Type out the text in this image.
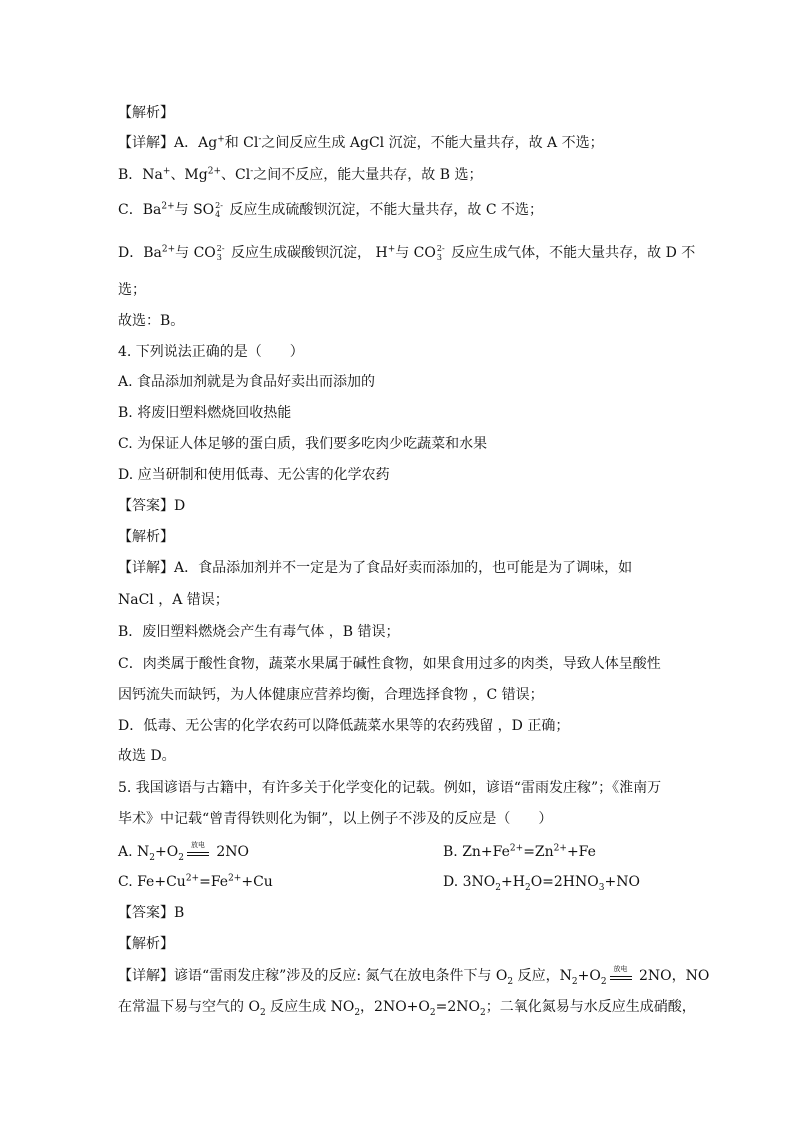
【解析】
【详解】A．Ag+和 Cl-之间反应生成 AgCl 沉淀，不能大量共存，故 A 不选；
B．Na+、$Mg^{2+}$、Cl-之间不反应，能大量共存，故 B 选；
C．$Ba^{2+}$与 SO 2-
4 反应生成硫酸钡沉淀，不能大量共存，故 C 不选；
D．$Ba^{2+}$与 CO 2-
3 反应生成碳酸钡沉淀， H+与 CO 2-
3 反应生成气体，不能大量共存，故 D 不
选；
故选：B。
4. 下列说法正确的是（　　）
A. 食品添加剂就是为食品好卖出而添加的
B. 将废旧塑料燃烧回收热能
C. 为保证人体足够的蛋白质，我们要多吃肉少吃蔬菜和水果
D. 应当研制和使用低毒、无公害的化学农药
【答案】D
【解析】
【详解】A．食品添加剂并不一定是为了食品好卖而添加的，也可能是为了调味，如
NaCl ，A 错误；
B．废旧塑料燃烧会产生有毒气体 ，B 错误；
C．肉类属于酸性食物，蔬菜水果属于碱性食物，如果食用过多的肉类，导致人体呈酸性
因钙流失而缺钙，为人体健康应营养均衡，合理选择食物 ，C 错误；
D．低毒、无公害的化学农药可以降低蔬菜水果等的农药残留 ，D 正确；
故选 D。
5. 我国谚语与古籍中，有许多关于化学变化的记载。例如，谚语“雷雨发庄稼”；《淮南万
毕术》中记载“曾青得铁则化为铜”，以上例子不涉及的反应是（　　）
A. $N_2+O_2$
放电 2NO	B. $Zn+Fe^{2+}=Zn^{2+}+Fe$
C. $Fe+Cu^{2+}=Fe^{2+}+Cu$	D. $3NO_2+H_2O=2HNO_3+NO$
【答案】B
【解析】
【详解】谚语“雷雨发庄稼”涉及的反应: 氮气在放电条件下与 $O_2$ 反应，$N_2+O_2$
放电 2NO，NO
在常温下易与空气的 $O_2$ 反应生成 $NO_2$，$2NO+O_2=2NO_2$；二氧化氮易与水反应生成硝酸，
